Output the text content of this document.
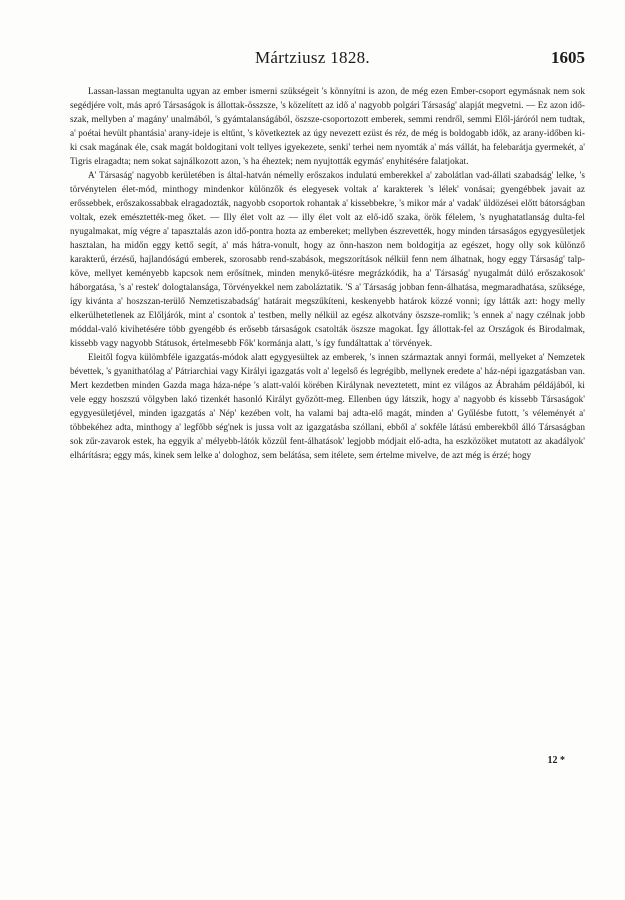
Mártziusz 1828.	1605

Lassan-lassan megtanulta ugyan az ember ismerni szükségeit 's könnyítni is azon, de még ezen Ember-csoport egymásnak nem sok segédjére volt, más apró Társaságok is állottak-összsze, 's közelített az idő a' nagyobb polgári Társaság' alapját megvetni. — Ez azon idő-szak, mellyben a' magány' unalmából, 's gyámtalanságából, öszsze-csoportozott emberek, semmi rendről, semmi Elől-járóról nem tudtak, a' poétai hevült phantásia' arany-ideje is eltűnt, 's következtek az úgy nevezett ezüst és réz, de még is boldogabb idők, az arany-időben ki-ki csak magának éle, csak magát boldogitani volt tellyes igyekezete, senki' terhei nem nyomták a' más vállát, ha felebarátja gyermekét, a' Tigris elragadta; nem sokat sajnálkozott azon, 's ha éheztek; nem nyujtották egymás' enyhitésére falatjokat.

A' Társaság' nagyobb kerületében is által-hatván némelly erőszakos indulatú emberekkel a' zabolátlan vad-állati szabadság' lelke, 's törvénytelen élet-mód, minthogy mindenkor különzők és elegyesek voltak a' karakterek 's lélek' vonásai; gyengébbek javait az erőssebbek, erőszakossabbak elragadozták, nagyobb csoportok rohantak a' kissebbekre, 's mikor már a' vadak' üldözései előtt bátorságban voltak, ezek emésztették-meg őket. — Illy élet volt az — illy élet volt az elő-idő szaka, örök félelem, 's nyughatatlanság dulta-fel nyugalmakat, míg végre a' tapasztalás azon idő-pontra hozta az embereket; mellyben észrevették, hogy minden társaságos egygyesületjek hasztalan, ha midőn eggy kettő segít, a' más hátra-vonult, hogy az önn-haszon nem boldogitja az egészet, hogy olly sok különző karakterű, érzésű, hajlandóságú emberek, szorosabb rend-szabások, megszorítások nélkül fenn nem álhatnak, hogy eggy Társaság' talp-köve, mellyet keményebb kapcsok nem erősítnek, minden menykő-ütésre megrázkódik, ha a' Társaság' nyugalmát dúló erőszakosok' háborgatása, 's a' restek' dologtalansága, Törvényekkel nem zaboláztatik. 'S a' Társaság jobban fenn-álhatása, megmaradhatása, szüksége, így kivánta a' hoszszan-terülő Nemzetiszabadság' határait megszűkíteni, keskenyebb határok közzé vonni; így látták azt: hogy melly elkerülhetetlenek az Előljárók, mint a' csontok a' testben, melly nélkül az egész alkotvány öszsze-romlik; 's ennek a' nagy czélnak jobb móddal-való kivihetésére több gyengébb és erősebb társaságok csatolták öszsze magokat. Így állottak-fel az Országok és Birodalmak, kissebb vagy nagyobb Státusok, értelmesebb Fők' kormánja alatt, 's így fundáltattak a' törvények.

Eleitől fogva külömbféle igazgatás-módok alatt egygyesültek az emberek, 's innen származtak annyi formái, mellyeket a' Nemzetek bévettek, 's gyanithatólag a' Pátriarchiai vagy Királyi igazgatás volt a' legelső és legrégibb, mellynek eredete a' ház-népi igazgatásban van. Mert kezdetben minden Gazda maga háza-népe 's alatt-valói körében Királynak neveztetett, mint ez világos az Ábrahám példájából, ki vele eggy hoszszú völgyben lakó tizenkét hasonló Királyt győzött-meg. Ellenben úgy látszik, hogy a' nagyobb és kissebb Társaságok' egygyesületjével, minden igazgatás a' Nép' kezében volt, ha valami baj adta-elő magát, minden a' Gyűlésbe futott, 's véleményét a' többekéhez adta, minthogy a' legfőbb ség'nek is jussa volt az igazgatásba szóllani, ebből a' sokféle látású emberekből álló Társaságban sok zűr-zavarok estek, ha eggyik a' mélyebb-látók közzül fent-álhatások' legjobb módjait elő-adta, ha eszközöket mutatott az akadályok' elhárításra; eggy más, kinek sem lelke a' dologhoz, sem belátása, sem itélete, sem értelme mivelve, de azt még is érzé; hogy

12 *
